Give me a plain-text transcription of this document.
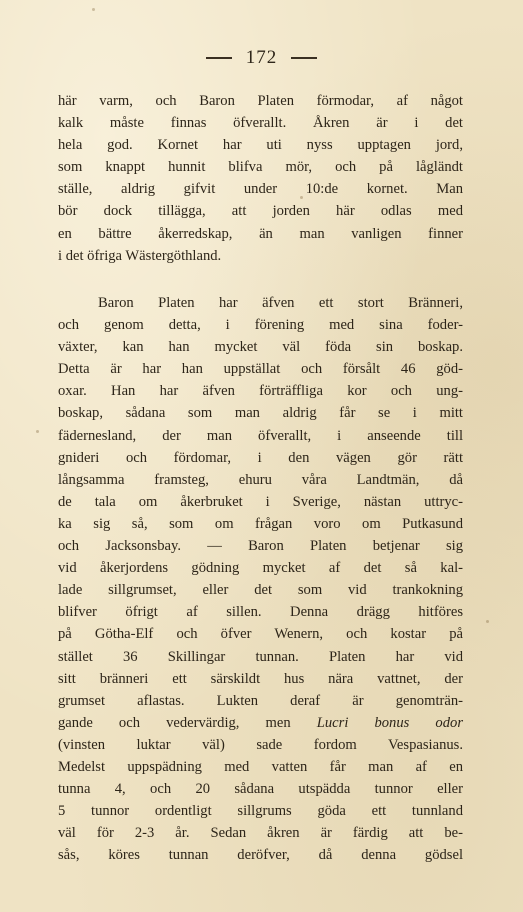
172
här varm, och Baron Platen förmodar, af något
kalk måste finnas öfverallt. Åkren är i det
hela god. Kornet har uti nyss upptagen jord,
som knappt hunnit blifva mör, och på lågländt
ställe, aldrig gifvit under 10:de kornet. Man
bör dock tillägga, att jorden här odlas med
en bättre åkerredskap, än man vanligen finner
i det öfriga Wästergöthland.
Baron Platen har äfven ett stort Bränneri,
och genom detta, i förening med sina foder-
växter, kan han mycket väl föda sin boskap.
Detta är har han uppställat och försålt 46 göd-
oxar. Han har äfven förträffliga kor och ung-
boskap, sådana som man aldrig får se i mitt
fädernesland, der man öfverallt, i anseende till
gnideri och fördomar, i den vägen gör rätt
långsamma framsteg, ehuru våra Landtmän, då
de tala om åkerbruket i Sverige, nästan uttryc-
ka sig så, som om frågan voro om Putkasund
och Jacksonsbay. — Baron Platen betjenar sig
vid åkerjordens gödning mycket af det så kal-
lade sillgrumset, eller det som vid trankokning
blifver öfrigt af sillen. Denna drägg hitföres
på Götha-Elf och öfver Wenern, och kostar på
stället 36 Skillingar tunnan. Platen har vid
sitt bränneri ett särskildt hus nära vattnet, der
grumset aflastas. Lukten deraf är genomträn-
gande och vedervärdig, men Lucri bonus odor
(vinsten luktar väl) sade fordom Vespasianus.
Medelst uppspädning med vatten får man af en
tunna 4, och 20 sådana utspädda tunnor eller
5 tunnor ordentligt sillgrums göda ett tunnland
väl för 2-3 år. Sedan åkren är färdig att be-
sås, köres tunnan deröfver, då denna gödsel
